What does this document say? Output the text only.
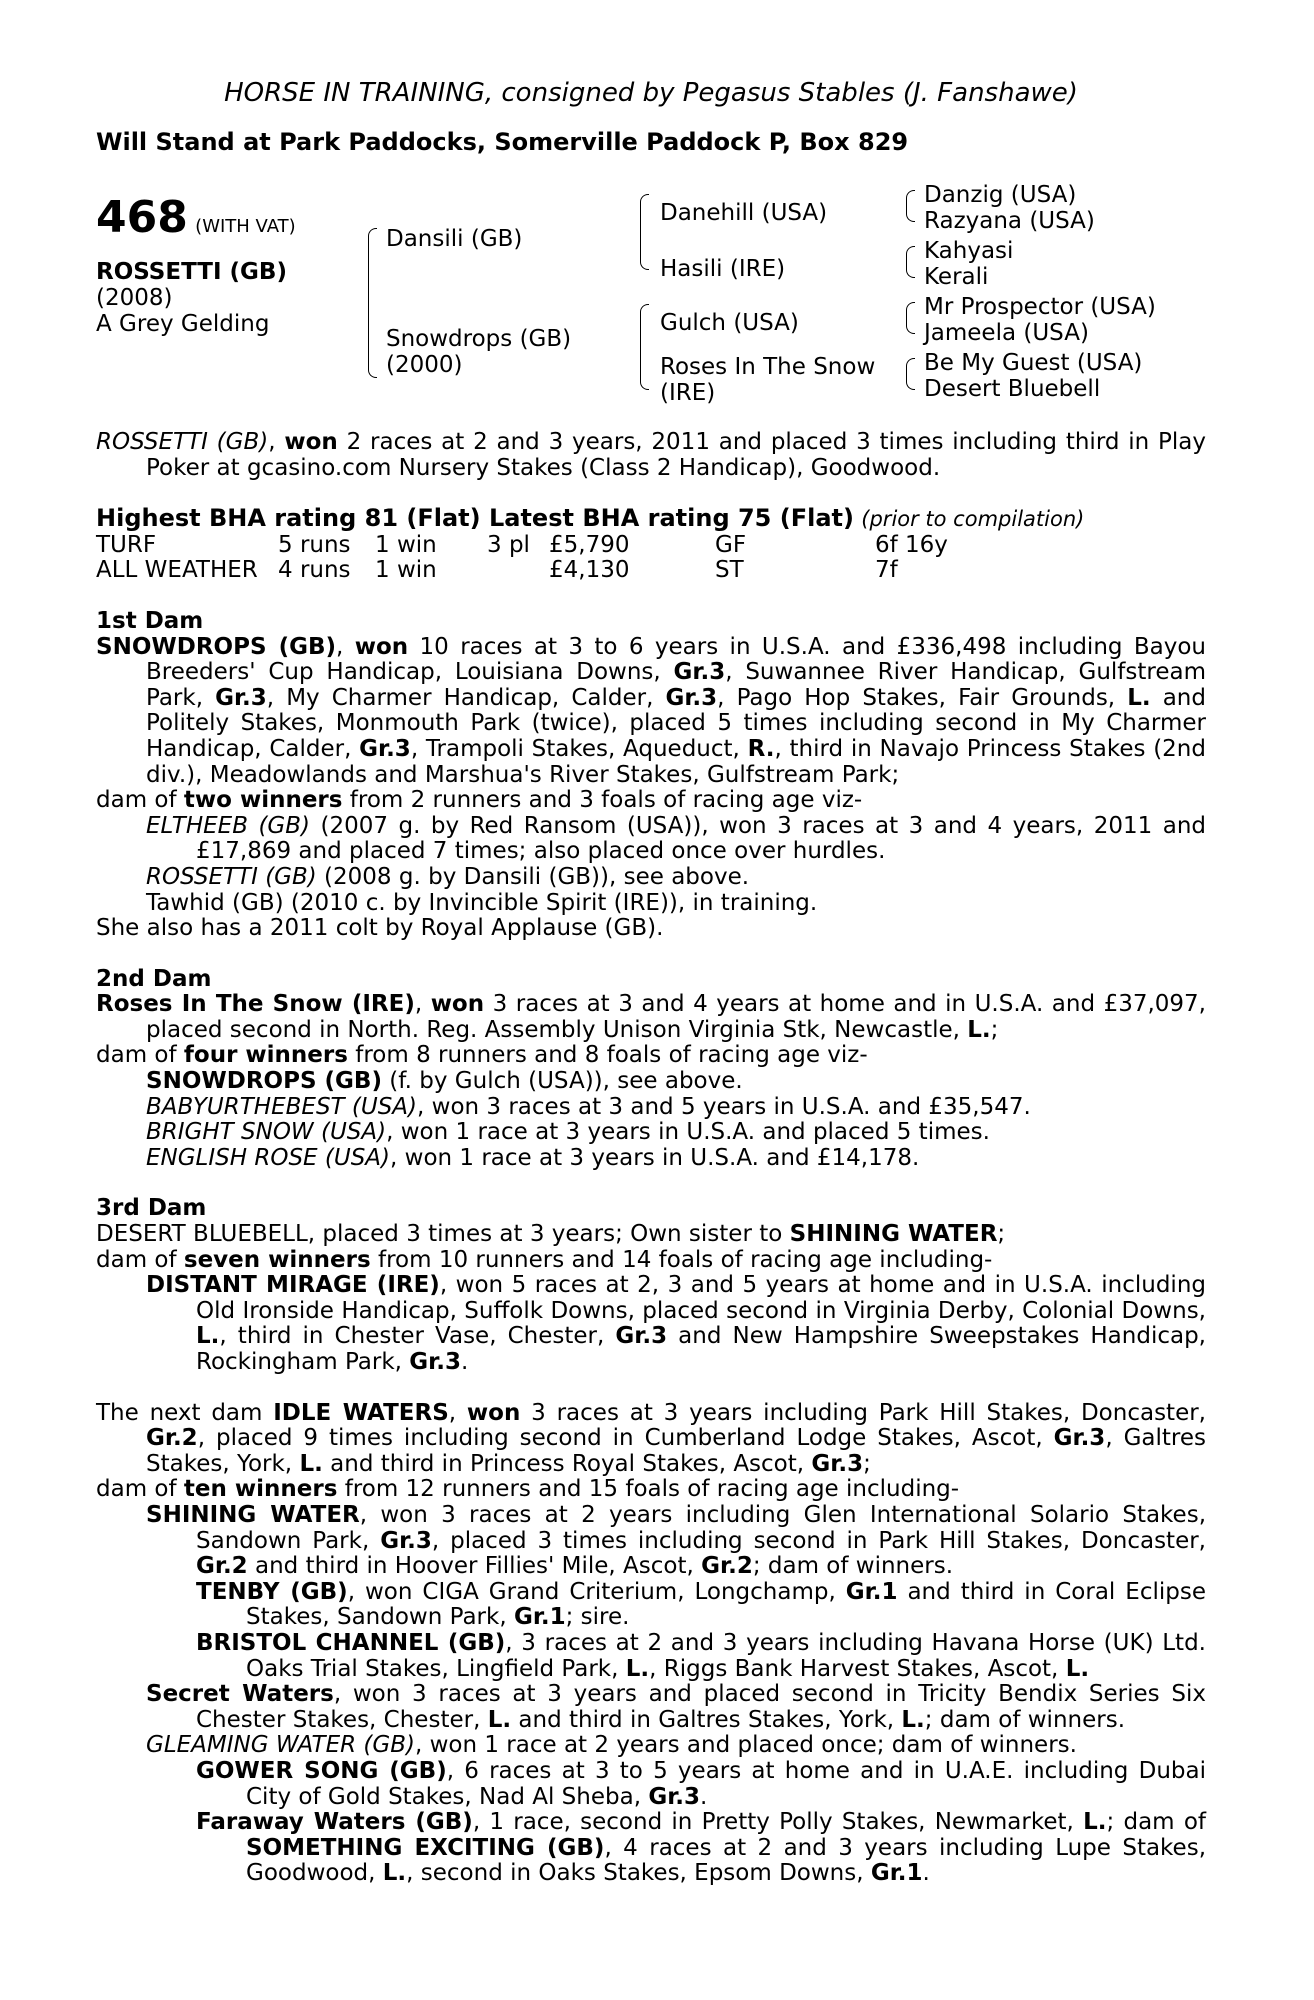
HORSE IN TRAINING, consigned by Pegasus Stables (J. Fanshawe)
Will Stand at Park Paddocks, Somerville Paddock P, Box 829
468 (WITH VAT)
ROSSETTI (GB)
(2008)
A Grey Gelding
Dansili (GB)
Snowdrops (GB)
(2000)
Danehill (USA)
Hasili (IRE)
Gulch (USA)
Roses In The Snow
(IRE)
Danzig (USA)
Razyana (USA)
Kahyasi
Kerali
Mr Prospector (USA)
Jameela (USA)
Be My Guest (USA)
Desert Bluebell
ROSSETTI (GB), won 2 races at 2 and 3 years, 2011 and placed 3 times including third in Play Poker at gcasino.com Nursery Stakes (Class 2 Handicap), Goodwood.
Highest BHA rating 81 (Flat) Latest BHA rating 75 (Flat) (prior to compilation)
TURF	5 runs	1 win	3 pl	£5,790	GF	6f 16y
ALL WEATHER	4 runs	1 win		£4,130	ST	7f
1st Dam
SNOWDROPS (GB), won 10 races at 3 to 6 years in U.S.A. and £336,498 including Bayou Breeders' Cup Handicap, Louisiana Downs, Gr.3, Suwannee River Handicap, Gulfstream Park, Gr.3, My Charmer Handicap, Calder, Gr.3, Pago Hop Stakes, Fair Grounds, L. and Politely Stakes, Monmouth Park (twice), placed 5 times including second in My Charmer Handicap, Calder, Gr.3, Trampoli Stakes, Aqueduct, R., third in Navajo Princess Stakes (2nd div.), Meadowlands and Marshua's River Stakes, Gulfstream Park;
dam of two winners from 2 runners and 3 foals of racing age viz-
ELTHEEB (GB) (2007 g. by Red Ransom (USA)), won 3 races at 3 and 4 years, 2011 and £17,869 and placed 7 times; also placed once over hurdles.
ROSSETTI (GB) (2008 g. by Dansili (GB)), see above.
Tawhid (GB) (2010 c. by Invincible Spirit (IRE)), in training.
She also has a 2011 colt by Royal Applause (GB).
2nd Dam
Roses In The Snow (IRE), won 3 races at 3 and 4 years at home and in U.S.A. and £37,097, placed second in North. Reg. Assembly Unison Virginia Stk, Newcastle, L.;
dam of four winners from 8 runners and 8 foals of racing age viz-
SNOWDROPS (GB) (f. by Gulch (USA)), see above.
BABYURTHEBEST (USA), won 3 races at 3 and 5 years in U.S.A. and £35,547.
BRIGHT SNOW (USA), won 1 race at 3 years in U.S.A. and placed 5 times.
ENGLISH ROSE (USA), won 1 race at 3 years in U.S.A. and £14,178.
3rd Dam
DESERT BLUEBELL, placed 3 times at 3 years; Own sister to SHINING WATER;
dam of seven winners from 10 runners and 14 foals of racing age including-
DISTANT MIRAGE (IRE), won 5 races at 2, 3 and 5 years at home and in U.S.A. including Old Ironside Handicap, Suffolk Downs, placed second in Virginia Derby, Colonial Downs, L., third in Chester Vase, Chester, Gr.3 and New Hampshire Sweepstakes Handicap, Rockingham Park, Gr.3.
The next dam IDLE WATERS, won 3 races at 3 years including Park Hill Stakes, Doncaster, Gr.2, placed 9 times including second in Cumberland Lodge Stakes, Ascot, Gr.3, Galtres Stakes, York, L. and third in Princess Royal Stakes, Ascot, Gr.3;
dam of ten winners from 12 runners and 15 foals of racing age including-
SHINING WATER, won 3 races at 2 years including Glen International Solario Stakes, Sandown Park, Gr.3, placed 3 times including second in Park Hill Stakes, Doncaster, Gr.2 and third in Hoover Fillies' Mile, Ascot, Gr.2; dam of winners.
TENBY (GB), won CIGA Grand Criterium, Longchamp, Gr.1 and third in Coral Eclipse Stakes, Sandown Park, Gr.1; sire.
BRISTOL CHANNEL (GB), 3 races at 2 and 3 years including Havana Horse (UK) Ltd. Oaks Trial Stakes, Lingfield Park, L., Riggs Bank Harvest Stakes, Ascot, L.
Secret Waters, won 3 races at 3 years and placed second in Tricity Bendix Series Six Chester Stakes, Chester, L. and third in Galtres Stakes, York, L.; dam of winners.
GLEAMING WATER (GB), won 1 race at 2 years and placed once; dam of winners.
GOWER SONG (GB), 6 races at 3 to 5 years at home and in U.A.E. including Dubai City of Gold Stakes, Nad Al Sheba, Gr.3.
Faraway Waters (GB), 1 race, second in Pretty Polly Stakes, Newmarket, L.; dam of SOMETHING EXCITING (GB), 4 races at 2 and 3 years including Lupe Stakes, Goodwood, L., second in Oaks Stakes, Epsom Downs, Gr.1.
